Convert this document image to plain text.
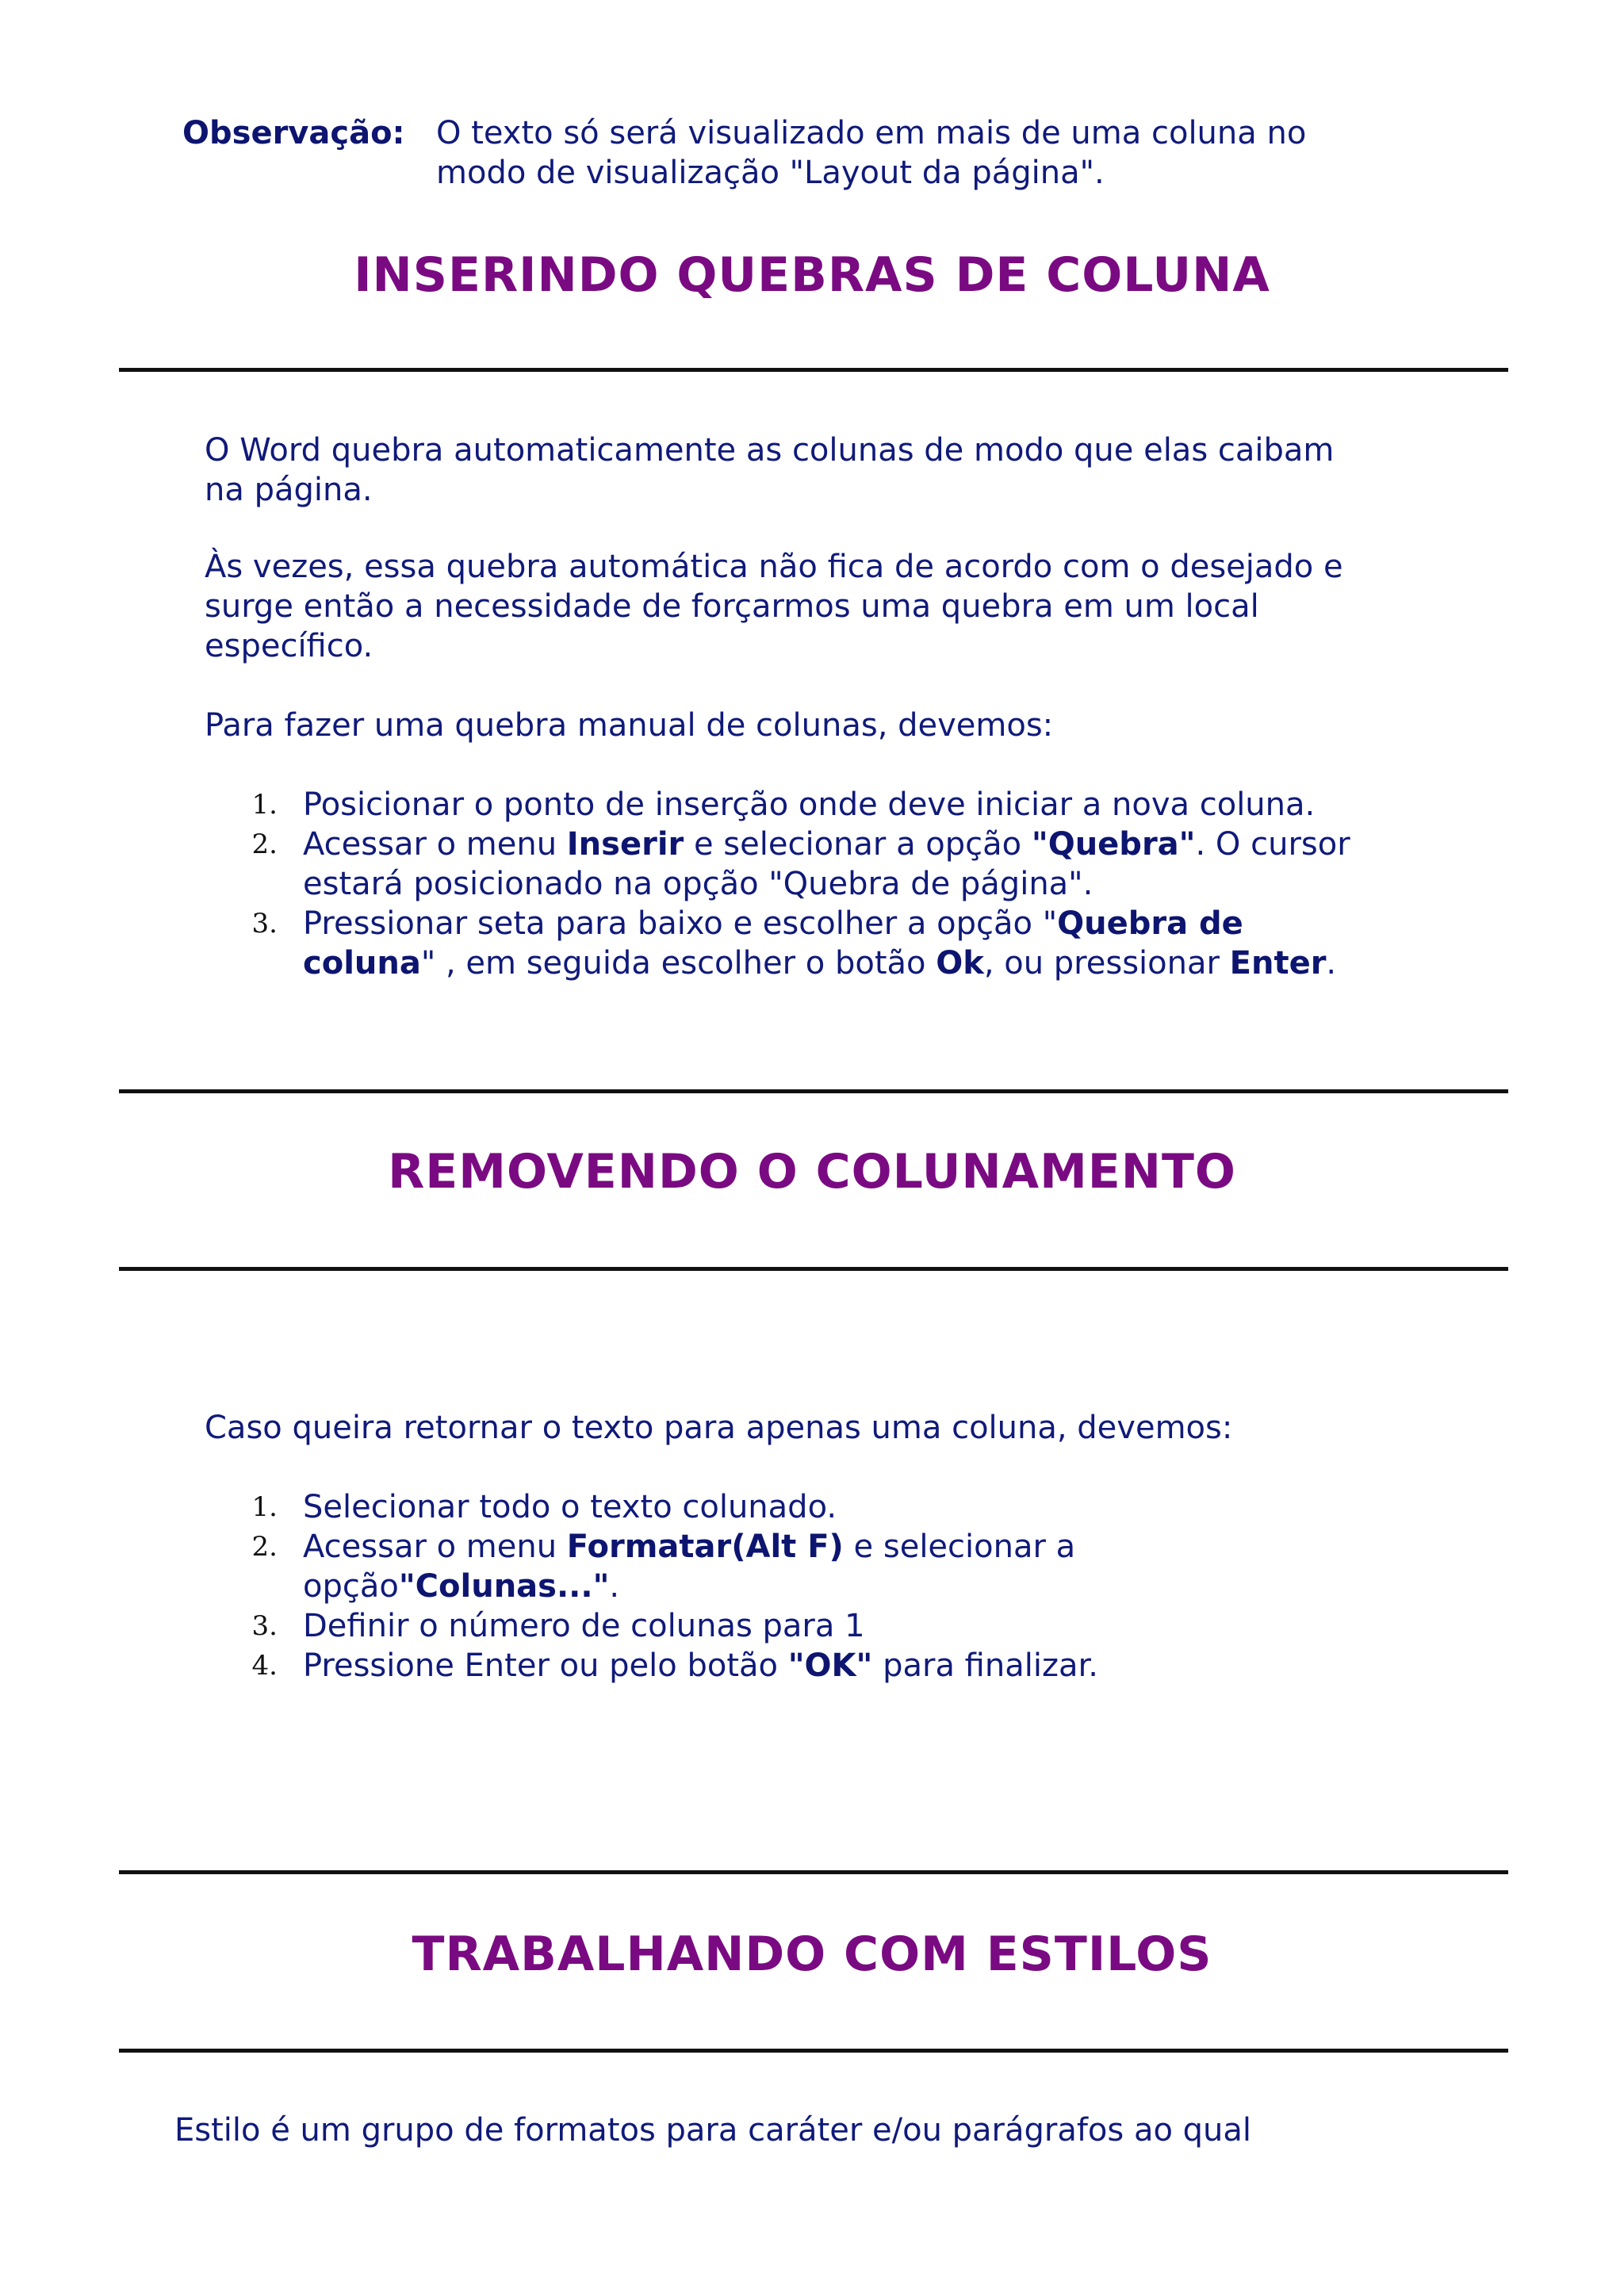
Observação: O texto só será visualizado em mais de uma coluna no
modo de visualização "Layout da página".
INSERINDO QUEBRAS DE COLUNA
O Word quebra automaticamente as colunas de modo que elas caibam
na página.
Às vezes, essa quebra automática não fica de acordo com o desejado e
surge então a necessidade de forçarmos uma quebra em um local
específico.
Para fazer uma quebra manual de colunas, devemos:
1. Posicionar o ponto de inserção onde deve iniciar a nova coluna.
2. Acessar o menu Inserir e selecionar a opção "Quebra". O cursor
estará posicionado na opção "Quebra de página".
3. Pressionar seta para baixo e escolher a opção "Quebra de
coluna" , em seguida escolher o botão Ok, ou pressionar Enter.
REMOVENDO O COLUNAMENTO
Caso queira retornar o texto para apenas uma coluna, devemos:
1. Selecionar todo o texto colunado.
2. Acessar o menu Formatar(Alt F) e selecionar a
opção"Colunas...".
3. Definir o número de colunas para 1
4. Pressione Enter ou pelo botão "OK" para finalizar.
TRABALHANDO COM ESTILOS
Estilo é um grupo de formatos para caráter e/ou parágrafos ao qual
